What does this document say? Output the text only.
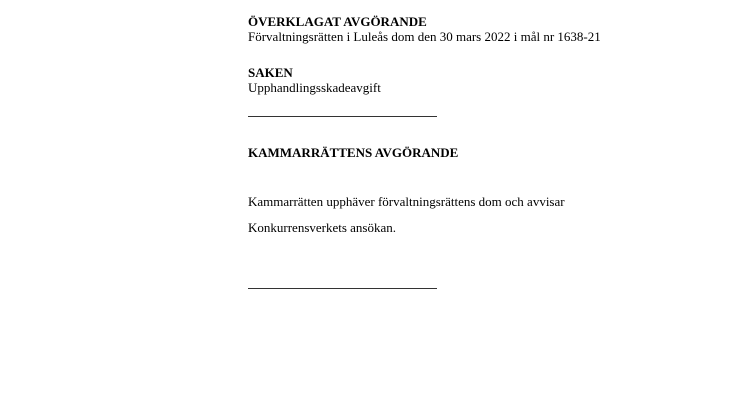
ÖVERKLAGAT AVGÖRANDE
Förvaltningsrätten i Luleås dom den 30 mars 2022 i mål nr 1638-21
SAKEN
Upphandlingsskadeavgift
KAMMARRÄTTENS AVGÖRANDE
Kammarrätten upphäver förvaltningsrättens dom och avvisar
Konkurrensverkets ansökan.
